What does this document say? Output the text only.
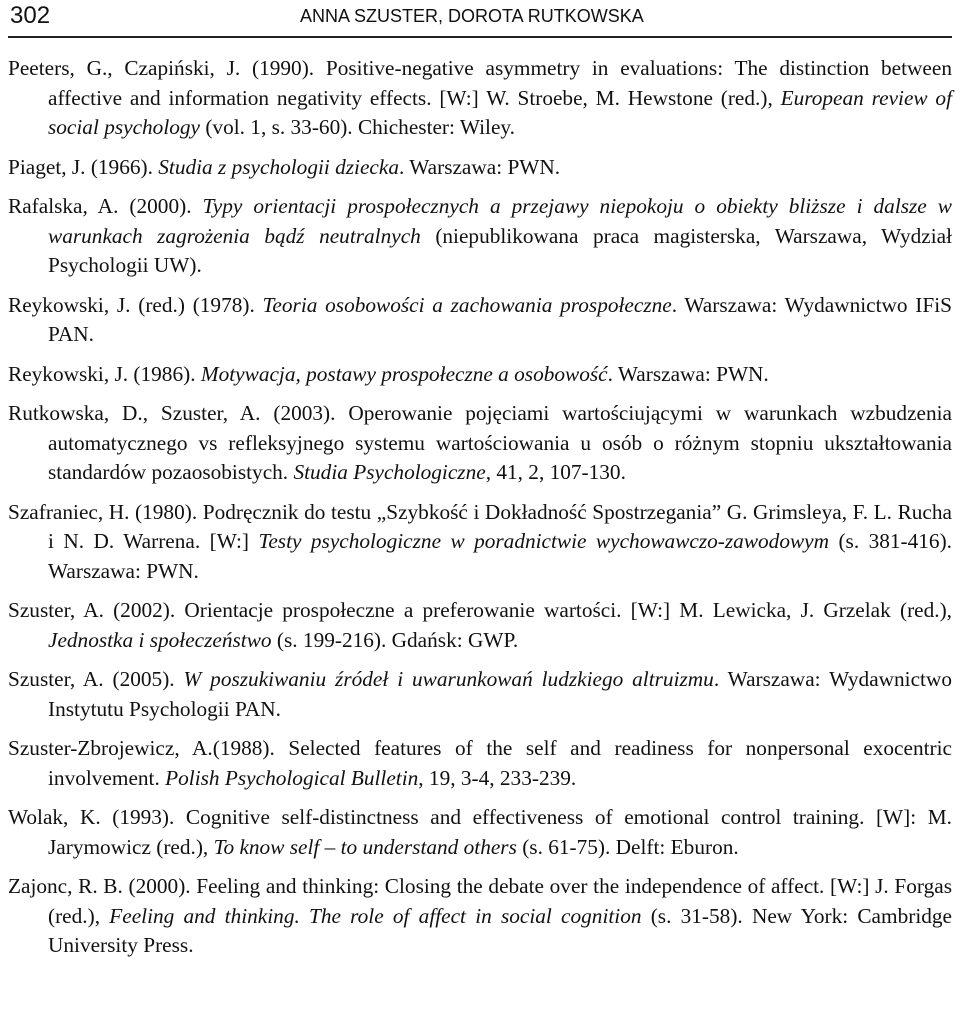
302	ANNA SZUSTER, DOROTA RUTKOWSKA

Peeters, G., Czapiński, J. (1990). Positive-negative asymmetry in evaluations: The distinction between affective and information negativity effects. [W:] W. Stroebe, M. Hewstone (red.), European review of social psychology (vol. 1, s. 33-60). Chichester: Wiley.

Piaget, J. (1966). Studia z psychologii dziecka. Warszawa: PWN.

Rafalska, A. (2000). Typy orientacji prospołecznych a przejawy niepokoju o obiekty bliższe i dalsze w warunkach zagrożenia bądź neutralnych (niepublikowana praca magisterska, Warszawa, Wydział Psychologii UW).

Reykowski, J. (red.) (1978). Teoria osobowości a zachowania prospołeczne. Warszawa: Wydawnictwo IFiS PAN.

Reykowski, J. (1986). Motywacja, postawy prospołeczne a osobowość. Warszawa: PWN.

Rutkowska, D., Szuster, A. (2003). Operowanie pojęciami wartościującymi w warunkach wzbudzenia automatycznego vs refleksyjnego systemu wartościowania u osób o różnym stopniu ukształtowania standardów pozaosobistych. Studia Psychologiczne, 41, 2, 107-130.

Szafraniec, H. (1980). Podręcznik do testu „Szybkość i Dokładność Spostrzegania” G. Grimsleya, F. L. Rucha i N. D. Warrena. [W:] Testy psychologiczne w poradnictwie wychowawczo-zawodowym (s. 381-416). Warszawa: PWN.

Szuster, A. (2002). Orientacje prospołeczne a preferowanie wartości. [W:] M. Lewicka, J. Grzelak (red.), Jednostka i społeczeństwo (s. 199-216). Gdańsk: GWP.

Szuster, A. (2005). W poszukiwaniu źródeł i uwarunkowań ludzkiego altruizmu. Warszawa: Wydawnictwo Instytutu Psychologii PAN.

Szuster-Zbrojewicz, A.(1988). Selected features of the self and readiness for nonpersonal exocentric involvement. Polish Psychological Bulletin, 19, 3-4, 233-239.

Wolak, K. (1993). Cognitive self-distinctness and effectiveness of emotional control training. [W]: M. Jarymowicz (red.), To know self – to understand others (s. 61-75). Delft: Eburon.

Zajonc, R. B. (2000). Feeling and thinking: Closing the debate over the independence of affect. [W:] J. Forgas (red.), Feeling and thinking. The role of affect in social cognition (s. 31-58). New York: Cambridge University Press.
